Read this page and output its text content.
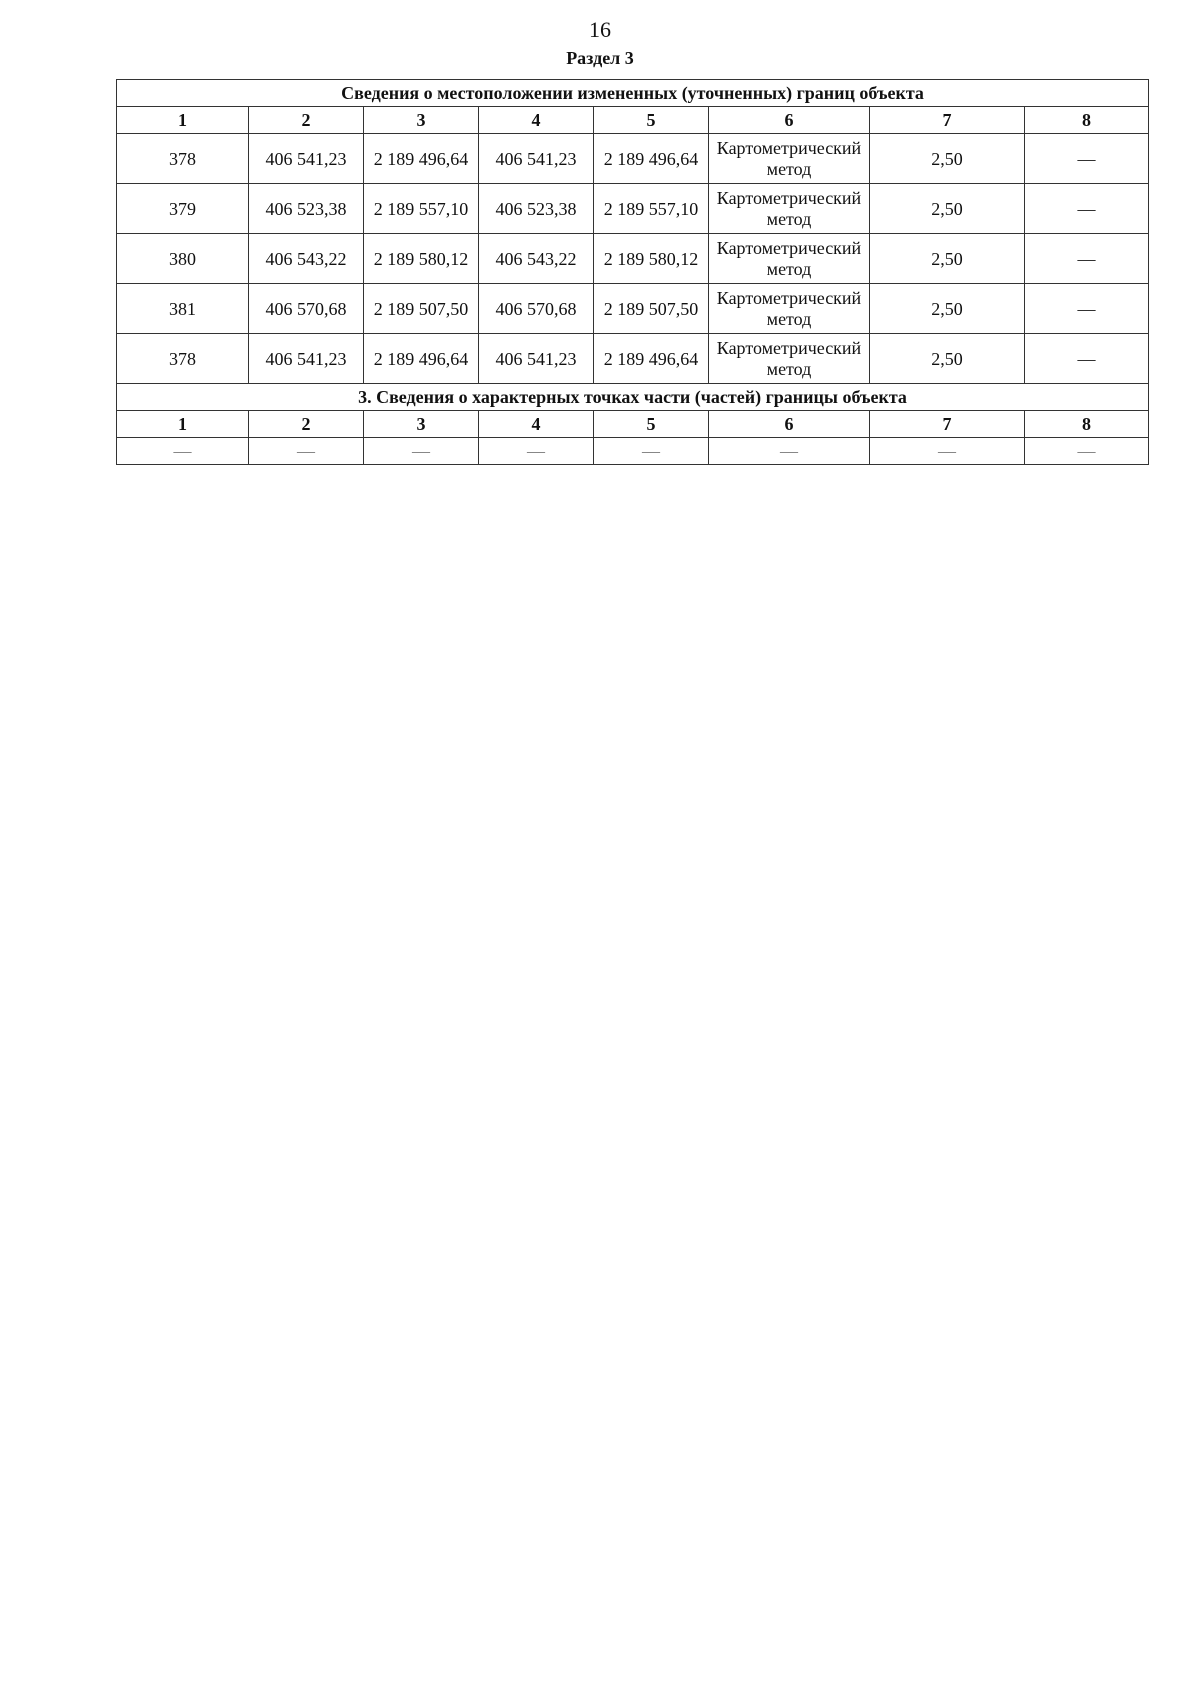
16
Раздел 3
Сведения о местоположении измененных (уточненных) границ объекта							
1	2	3	4	5	6	7	8
378	406 541,23	2 189 496,64	406 541,23	2 189 496,64	Картометрический метод	2,50	—
379	406 523,38	2 189 557,10	406 523,38	2 189 557,10	Картометрический метод	2,50	—
380	406 543,22	2 189 580,12	406 543,22	2 189 580,12	Картометрический метод	2,50	—
381	406 570,68	2 189 507,50	406 570,68	2 189 507,50	Картометрический метод	2,50	—
378	406 541,23	2 189 496,64	406 541,23	2 189 496,64	Картометрический метод	2,50	—
3. Сведения о характерных точках части (частей) границы объекта							
1	2	3	4	5	6	7	8
—	—	—	—	—	—	—	—
